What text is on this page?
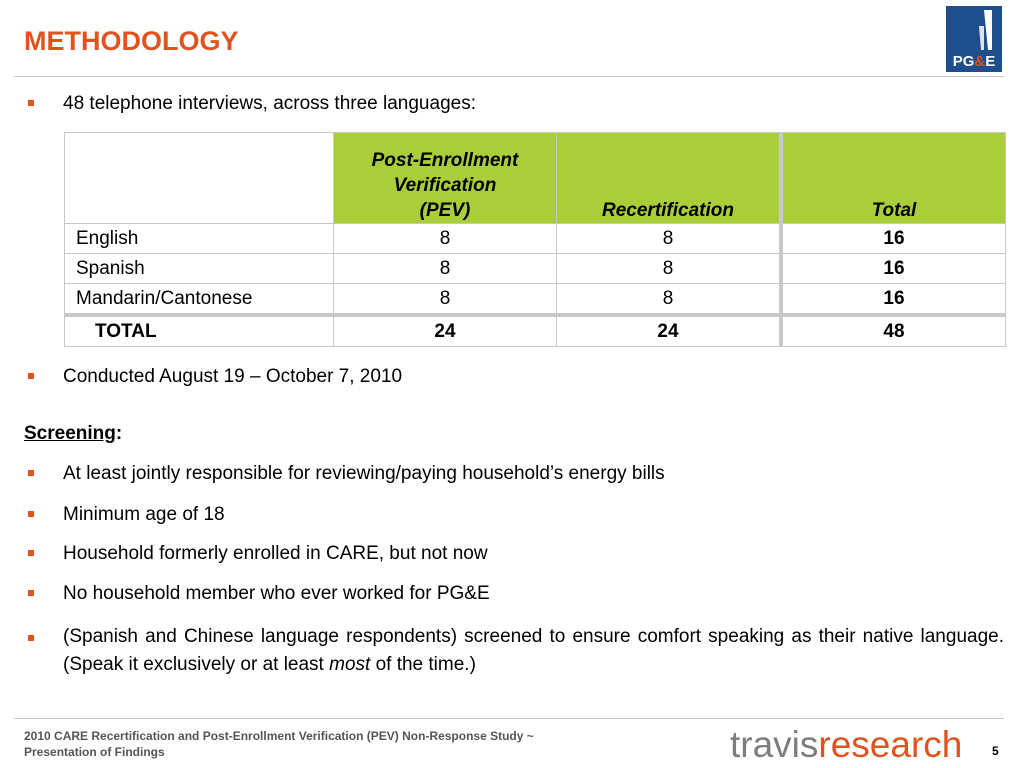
METHODOLOGY
PG&E
48 telephone interviews, across three languages:
	Post-Enrollment
Verification
(PEV)	Recertification	Total
English	8	8	16
Spanish	8	8	16
Mandarin/Cantonese	8	8	16
TOTAL	24	24	48
Conducted August 19 – October 7, 2010
Screening:
At least jointly responsible for reviewing/paying household’s energy bills
Minimum age of 18
Household formerly enrolled in CARE, but not now
No household member who ever worked for PG&E
(Spanish and Chinese language respondents) screened to ensure comfort speaking as their native language. (Speak it exclusively or at least most of the time.)
2010 CARE Recertification and Post-Enrollment Verification (PEV) Non-Response Study ~
Presentation of Findings	travisresearch 5
